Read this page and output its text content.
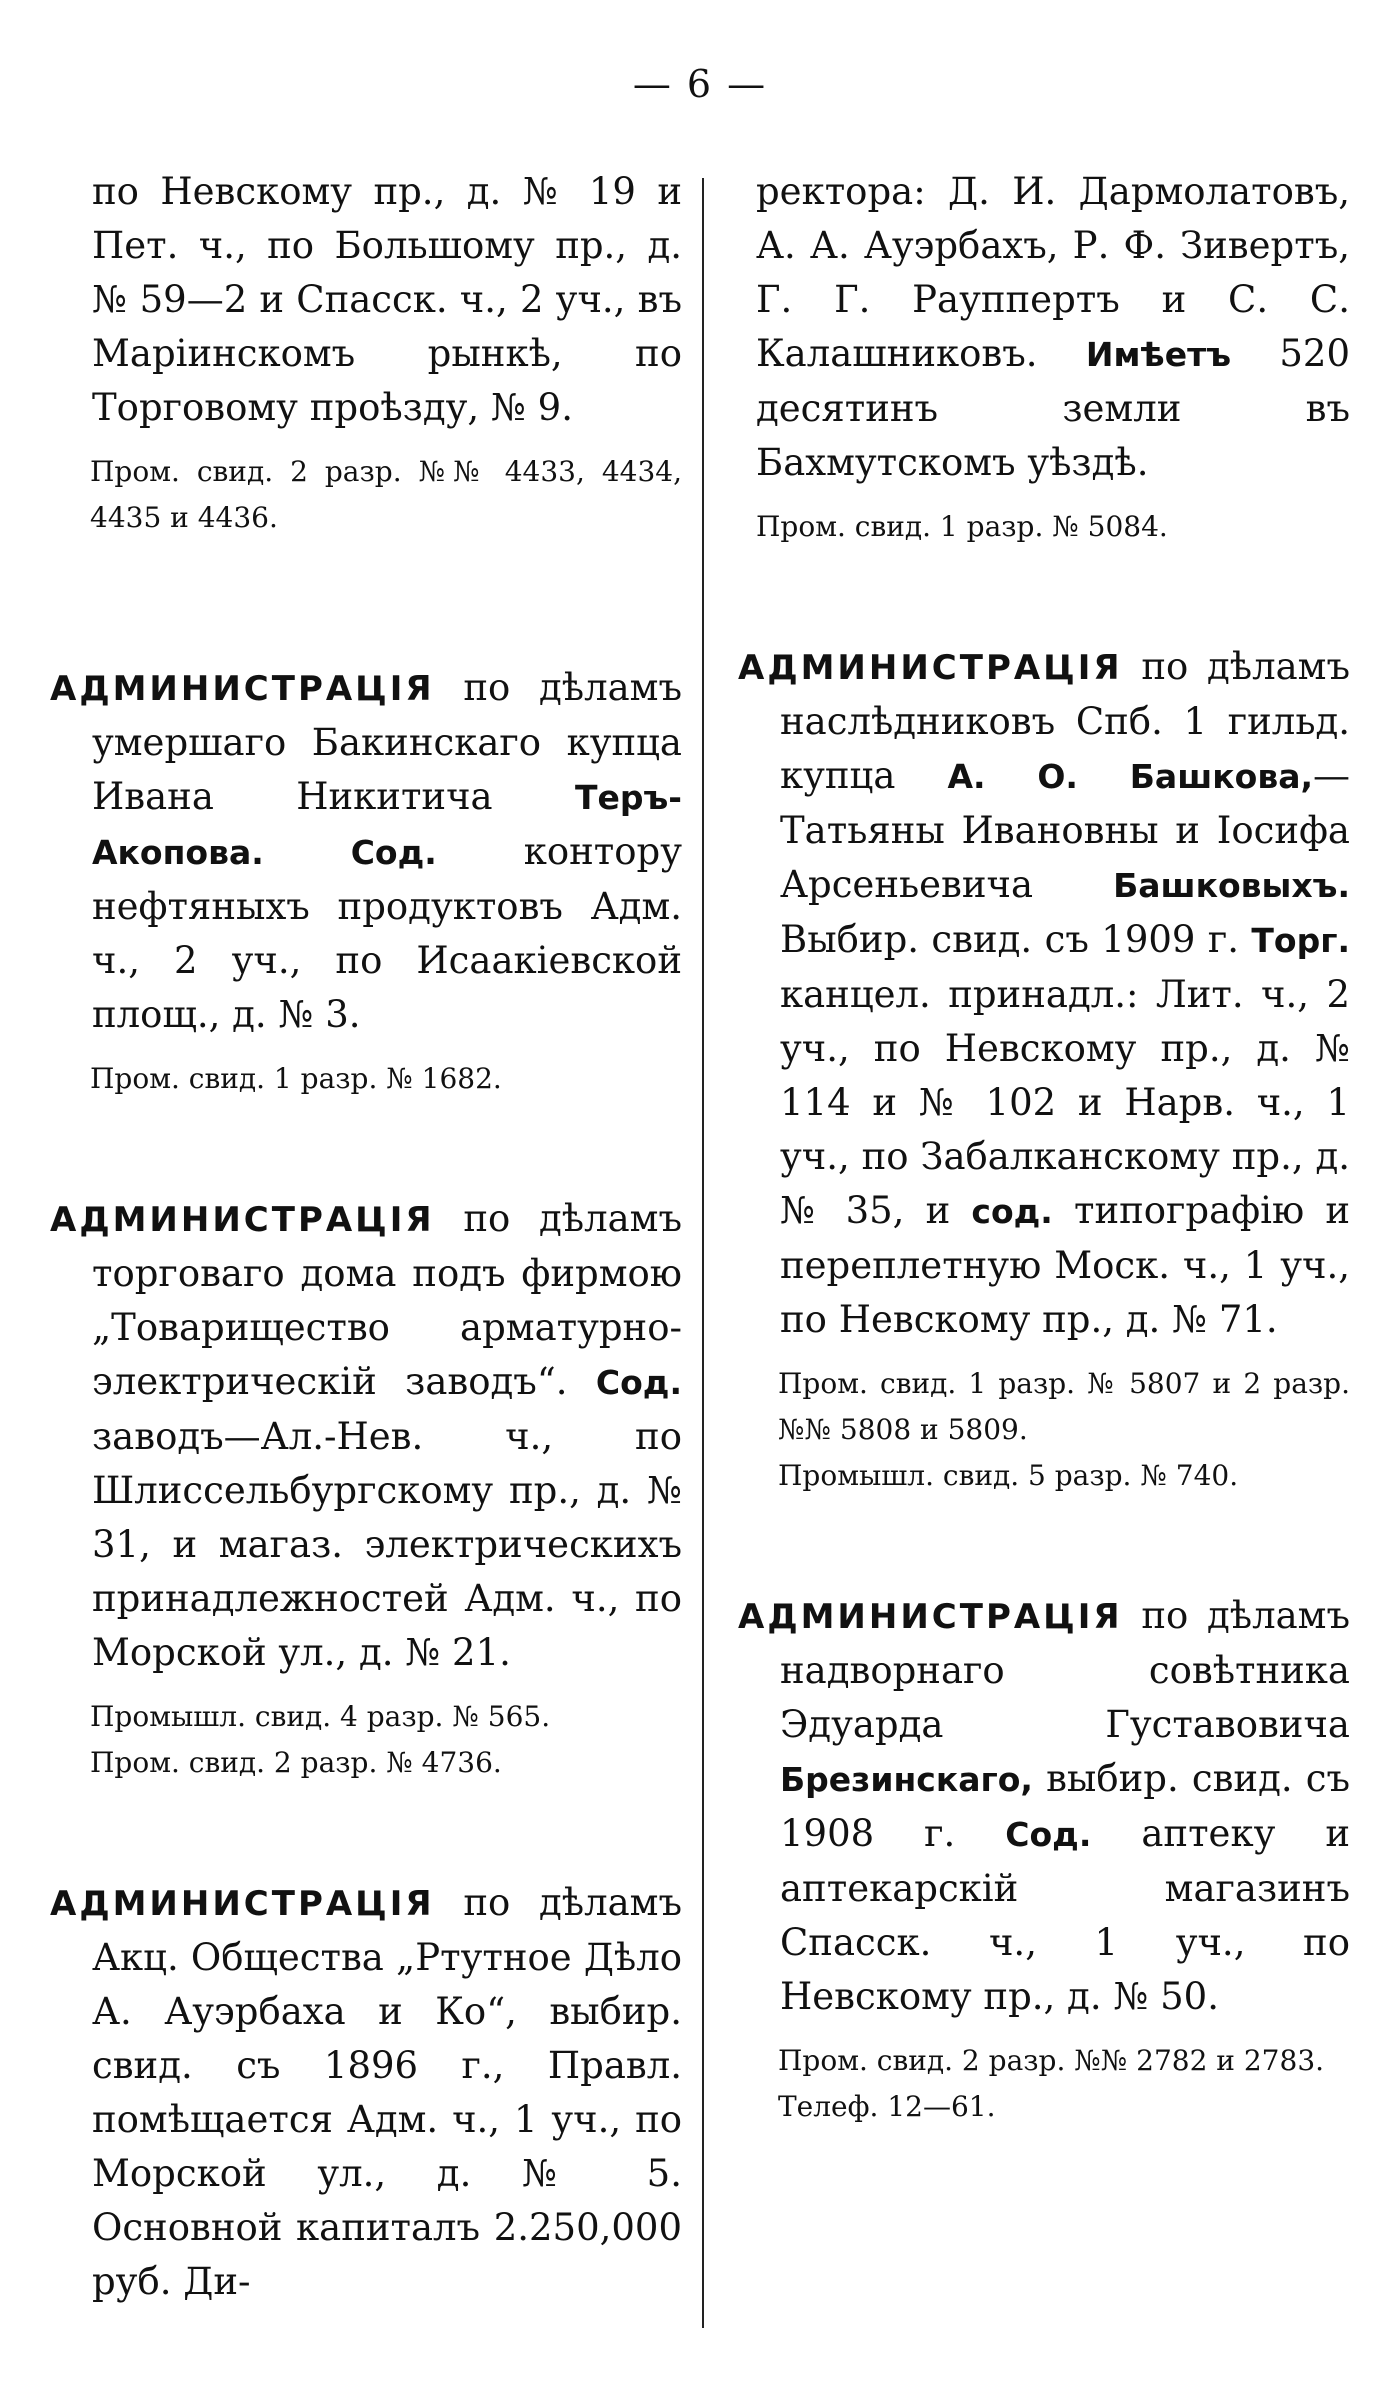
— 6 —

по Невскому пр., д. № 19 и Пет. ч., по Большому пр., д. № 59—2 и Спасск. ч., 2 уч., въ Маріинскомъ рынкѣ, по Торговому проѣзду, № 9.

Пром. свид. 2 разр. №№ 4433, 4434, 4435 и 4436.

АДМИНИСТРАЦІЯ по дѣламъ умершаго Бакинскаго купца Ивана Никитича Теръ-Акопова.	Сод. контору нефтяныхъ продуктовъ Адм. ч., 2 уч., по Исаакіевской площ., д. № 3.

Пром. свид. 1 разр. № 1682.

АДМИНИСТРАЦІЯ по дѣламъ торговаго дома подъ фирмою „Товарищество арматурно-электрическій заводъ“. Сод. заводъ—Ал.-Нев. ч., по Шлиссельбургскому пр., д. № 31, и магаз. электрическихъ принадлежностей Адм. ч., по Морской ул., д. № 21.

Промышл. свид. 4 разр. № 565.

Пром. свид. 2 разр. № 4736.

АДМИНИСТРАЦІЯ по дѣламъ Акц. Общества „Ртутное Дѣло А. Ауэрбаха и Ко“, выбир. свид. съ 1896 г., Правл. помѣщается Адм. ч., 1 уч., по Морской ул., д. № 5. Основной капиталъ 2.250,000 руб. Ди-

ректора: Д. И. Дармолатовъ, А. А. Ауэрбахъ, Р. Ф. Зивертъ, Г. Г. Рауппертъ и С. С. Калашниковъ. Имѣетъ 520 десятинъ земли въ Бахмутскомъ уѣздѣ.

Пром. свид. 1 разр. № 5084.

АДМИНИСТРАЦІЯ по дѣламъ наслѣдниковъ Спб. 1 гильд. купца А. О. Башкова,—Татьяны Ивановны и Іосифа Арсеньевича Башковыхъ. Выбир. свид. съ 1909 г. Торг. канцел. принадл.: Лит. ч., 2 уч., по Невскому пр., д. № 114 и № 102 и Нарв. ч., 1 уч., по Забалканскому пр., д. № 35, и сод. типографію и переплетную Моск. ч., 1 уч., по Невскому пр., д. № 71.

Пром. свид. 1 разр. № 5807 и 2 разр. №№ 5808 и 5809.

Промышл. свид. 5 разр. № 740.

АДМИНИСТРАЦІЯ по дѣламъ надворнаго совѣтника Эдуарда Густавовича Брезинскаго, выбир. свид. съ 1908 г. Сод. аптеку и аптекарскій магазинъ Спасск. ч., 1 уч., по Невскому пр., д. № 50.

Пром. свид. 2 разр. №№ 2782 и 2783.

Телеф. 12—61.
